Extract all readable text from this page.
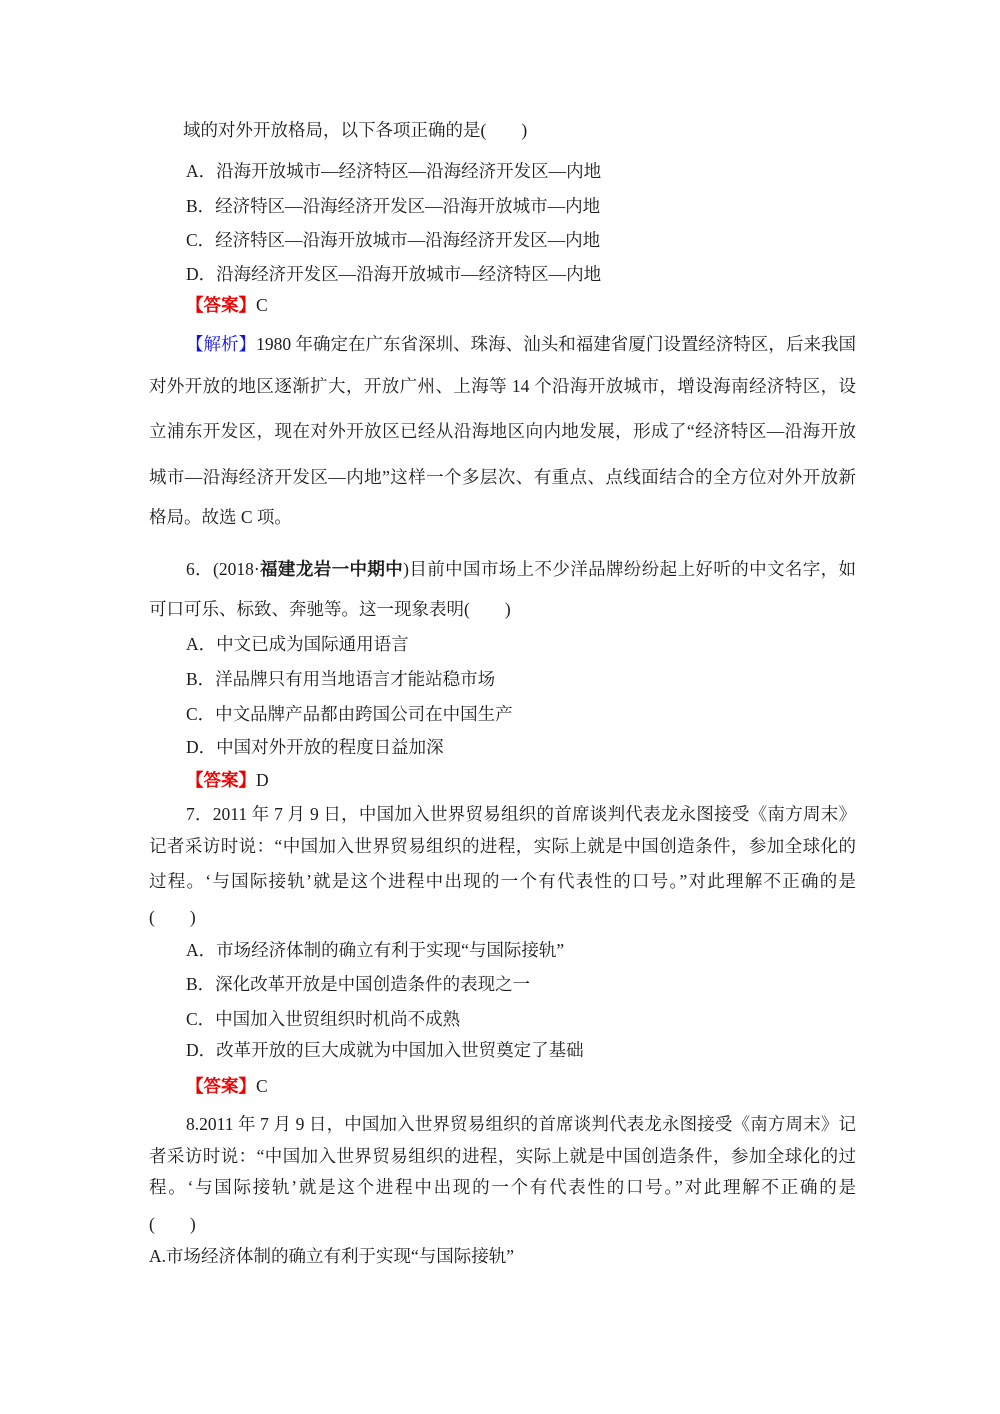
域的对外开放格局，以下各项正确的是(　　)
A．沿海开放城市—经济特区—沿海经济开发区—内地
B．经济特区—沿海经济开发区—沿海开放城市—内地
C．经济特区—沿海开放城市—沿海经济开发区—内地
D．沿海经济开发区—沿海开放城市—经济特区—内地
【答案】C
【解析】1980 年确定在广东省深圳、珠海、汕头和福建省厦门设置经济特区，后来我国
对外开放的地区逐渐扩大，开放广州、上海等 14 个沿海开放城市，增设海南经济特区，设
立浦东开发区，现在对外开放区已经从沿海地区向内地发展，形成了“经济特区—沿海开放
城市—沿海经济开发区—内地”这样一个多层次、有重点、点线面结合的全方位对外开放新
格局。故选 C 项。
6．(2018·福建龙岩一中期中)目前中国市场上不少洋品牌纷纷起上好听的中文名字，如
可口可乐、标致、奔驰等。这一现象表明(　　)
A．中文已成为国际通用语言
B．洋品牌只有用当地语言才能站稳市场
C．中文品牌产品都由跨国公司在中国生产
D．中国对外开放的程度日益加深
【答案】D
7．2011 年 7 月 9 日，中国加入世界贸易组织的首席谈判代表龙永图接受《南方周末》
记者采访时说：“中国加入世界贸易组织的进程，实际上就是中国创造条件，参加全球化的
过程。‘与国际接轨’就是这个进程中出现的一个有代表性的口号。”对此理解不正确的是
(　　)
A．市场经济体制的确立有利于实现“与国际接轨”
B．深化改革开放是中国创造条件的表现之一
C．中国加入世贸组织时机尚不成熟
D．改革开放的巨大成就为中国加入世贸奠定了基础
【答案】C
8.2011 年 7 月 9 日，中国加入世界贸易组织的首席谈判代表龙永图接受《南方周末》记
者采访时说：“中国加入世界贸易组织的进程，实际上就是中国创造条件，参加全球化的过
程。‘与国际接轨’就是这个进程中出现的一个有代表性的口号。”对此理解不正确的是
(　　)
A.市场经济体制的确立有利于实现“与国际接轨”
